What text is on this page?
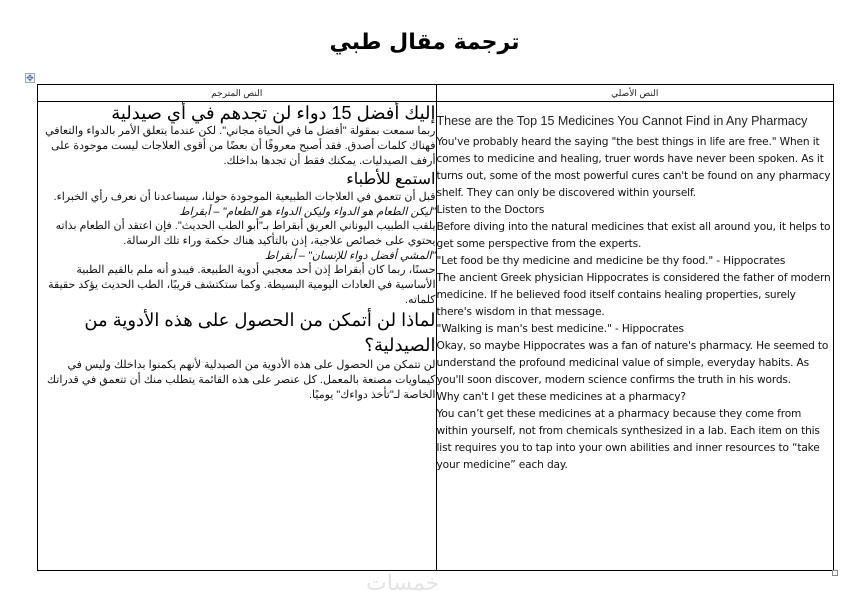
ترجمة مقال طبي
✥
النص المترجم	النص الأصلي

إليك أفضل 15 دواء لن تجدهم في أي صيدلية

ربما سمعت بمقولة "أفضل ما في الحياة مجاني". لكن عندما يتعلق الأمر بالدواء والتعافي فهناك كلمات أصدق. فقد أصبح معروفًا أن بعضًا من أقوى العلاجات ليست موجودة على أرفف الصيدليات. يمكنك فقط أن تجدها بداخلك.

استمع للأطباء

قبل أن تتعمق في العلاجات الطبيعية الموجودة حولنا، سيساعدنا أن نعرف رأي الخبراء.

"ليكن الطعام هو الدواء وليكن الدواء هو الطعام" – أبقراط

يلقب الطبيب اليوناني العريق أبقراط بـ"أبو الطب الحديث". فإن اعتقد أن الطعام بذاته يحتوي على خصائص علاجية، إذن بالتأكيد هناك حكمة وراء تلك الرسالة.

"المشي أفضل دواء للإنسان" – أبقراط

حسنًا، ربما كان أبقراط إذن أحد معجبي أدوية الطبيعة. فيبدو أنه ملم بالقيم الطبية الأساسية في العادات اليومية البسيطة. وكما ستكتشف قريبًا، الطب الحديث يؤكد حقيقة كلماته.

لماذا لن أتمكن من الحصول على هذه الأدوية من الصيدلية؟

لن تتمكن من الحصول على هذه الأدوية من الصيدلية لأنهم يكمنوا بداخلك وليس في كيماويات مصنعة بالمعمل. كل عنصر على هذه القائمة يتطلب منك أن تتعمق في قدراتك الخاصة لـ"تأخذ دواءك" يوميًا.

These are the Top 15 Medicines You Cannot Find in Any Pharmacy

You've probably heard the saying "the best things in life are free." When it comes to medicine and healing, truer words have never been spoken. As it turns out, some of the most powerful cures can't be found on any pharmacy shelf. They can only be discovered within yourself.

Listen to the Doctors

Before diving into the natural medicines that exist all around you, it helps to get some perspective from the experts.

"Let food be thy medicine and medicine be thy food." - Hippocrates

The ancient Greek physician Hippocrates is considered the father of modern medicine. If he believed food itself contains healing properties, surely there's wisdom in that message.

"Walking is man's best medicine." - Hippocrates

Okay, so maybe Hippocrates was a fan of nature's pharmacy. He seemed to understand the profound medicinal value of simple, everyday habits. As you'll soon discover, modern science confirms the truth in his words.

Why can't I get these medicines at a pharmacy?

You can’t get these medicines at a pharmacy because they come from within yourself, not from chemicals synthesized in a lab. Each item on this list requires you to tap into your own abilities and inner resources to “take your medicine” each day.

خمسات
